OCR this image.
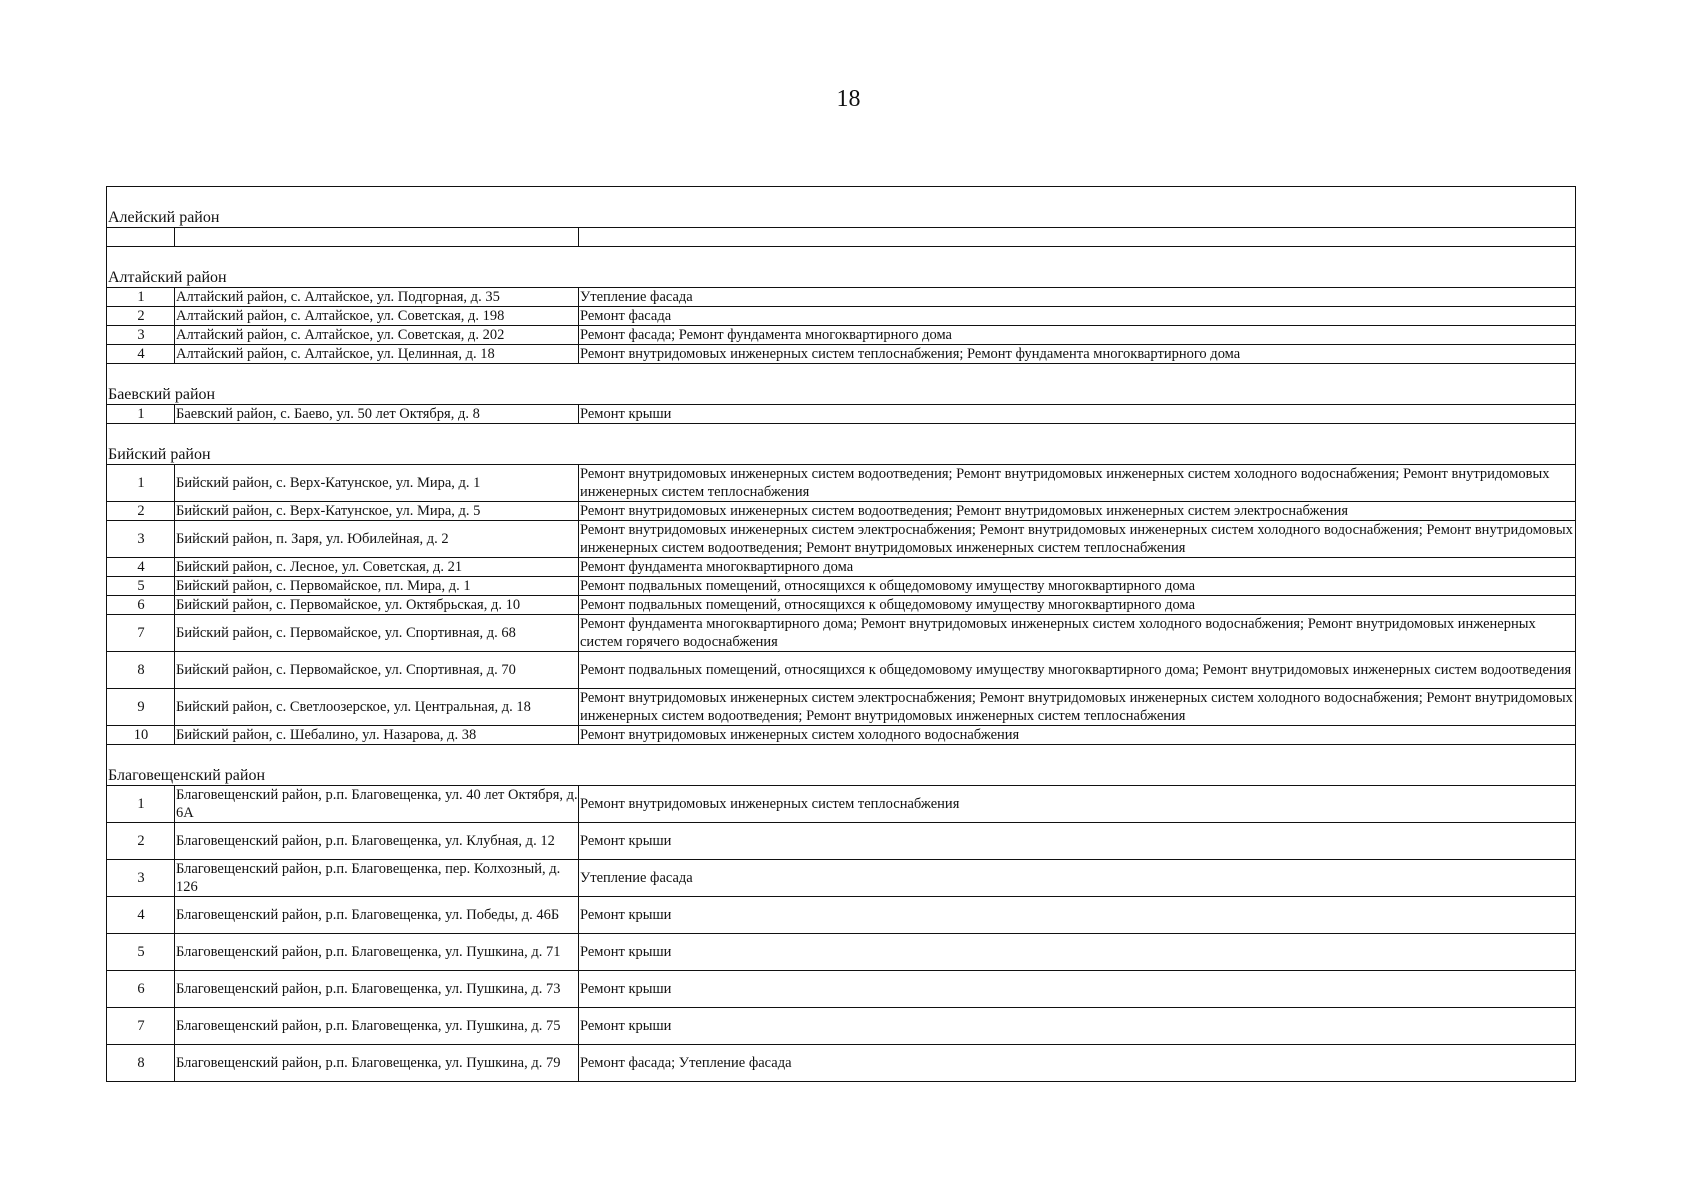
18
Алейский район		

Алтайский район		
1	Алтайский район, с. Алтайское, ул. Подгорная, д. 35	Утепление фасада
2	Алтайский район, с. Алтайское, ул. Советская, д. 198	Ремонт фасада
3	Алтайский район, с. Алтайское, ул. Советская, д. 202	Ремонт фасада; Ремонт фундамента многоквартирного дома
4	Алтайский район, с. Алтайское, ул. Целинная, д. 18	Ремонт внутридомовых инженерных систем теплоснабжения; Ремонт фундамента многоквартирного дома
Баевский район		
1	Баевский район, с. Баево, ул. 50 лет Октября, д. 8	Ремонт крыши
Бийский район		
1	Бийский район, с. Верх-Катунское, ул. Мира, д. 1	Ремонт внутридомовых инженерных систем водоотведения; Ремонт внутридомовых инженерных систем холодного водоснабжения; Ремонт внутридомовых инженерных систем теплоснабжения
2	Бийский район, с. Верх-Катунское, ул. Мира, д. 5	Ремонт внутридомовых инженерных систем водоотведения; Ремонт внутридомовых инженерных систем электроснабжения
3	Бийский район, п. Заря, ул. Юбилейная, д. 2	Ремонт внутридомовых инженерных систем электроснабжения; Ремонт внутридомовых инженерных систем холодного водоснабжения; Ремонт внутридомовых инженерных систем водоотведения; Ремонт внутридомовых инженерных систем теплоснабжения
4	Бийский район, с. Лесное, ул. Советская, д. 21	Ремонт фундамента многоквартирного дома
5	Бийский район, с. Первомайское, пл. Мира, д. 1	Ремонт подвальных помещений, относящихся к общедомовому имуществу многоквартирного дома
6	Бийский район, с. Первомайское, ул. Октябрьская, д. 10	Ремонт подвальных помещений, относящихся к общедомовому имуществу многоквартирного дома
7	Бийский район, с. Первомайское, ул. Спортивная, д. 68	Ремонт фундамента многоквартирного дома; Ремонт внутридомовых инженерных систем холодного водоснабжения; Ремонт внутридомовых инженерных систем горячего водоснабжения
8	Бийский район, с. Первомайское, ул. Спортивная, д. 70	Ремонт подвальных помещений, относящихся к общедомовому имуществу многоквартирного дома; Ремонт внутридомовых инженерных систем водоотведения
9	Бийский район, с. Светлоозерское, ул. Центральная, д. 18	Ремонт внутридомовых инженерных систем электроснабжения; Ремонт внутридомовых инженерных систем холодного водоснабжения; Ремонт внутридомовых инженерных систем водоотведения; Ремонт внутридомовых инженерных систем теплоснабжения
10	Бийский район, с. Шебалино, ул. Назарова, д. 38	Ремонт внутридомовых инженерных систем холодного водоснабжения
Благовещенский район		
1	Благовещенский район, р.п. Благовещенка, ул. 40 лет Октября, д. 6А	Ремонт внутридомовых инженерных систем теплоснабжения
2	Благовещенский район, р.п. Благовещенка, ул. Клубная, д. 12	Ремонт крыши
3	Благовещенский район, р.п. Благовещенка, пер. Колхозный, д. 126	Утепление фасада
4	Благовещенский район, р.п. Благовещенка, ул. Победы, д. 46Б	Ремонт крыши
5	Благовещенский район, р.п. Благовещенка, ул. Пушкина, д. 71	Ремонт крыши
6	Благовещенский район, р.п. Благовещенка, ул. Пушкина, д. 73	Ремонт крыши
7	Благовещенский район, р.п. Благовещенка, ул. Пушкина, д. 75	Ремонт крыши
8	Благовещенский район, р.п. Благовещенка, ул. Пушкина, д. 79	Ремонт фасада; Утепление фасада
